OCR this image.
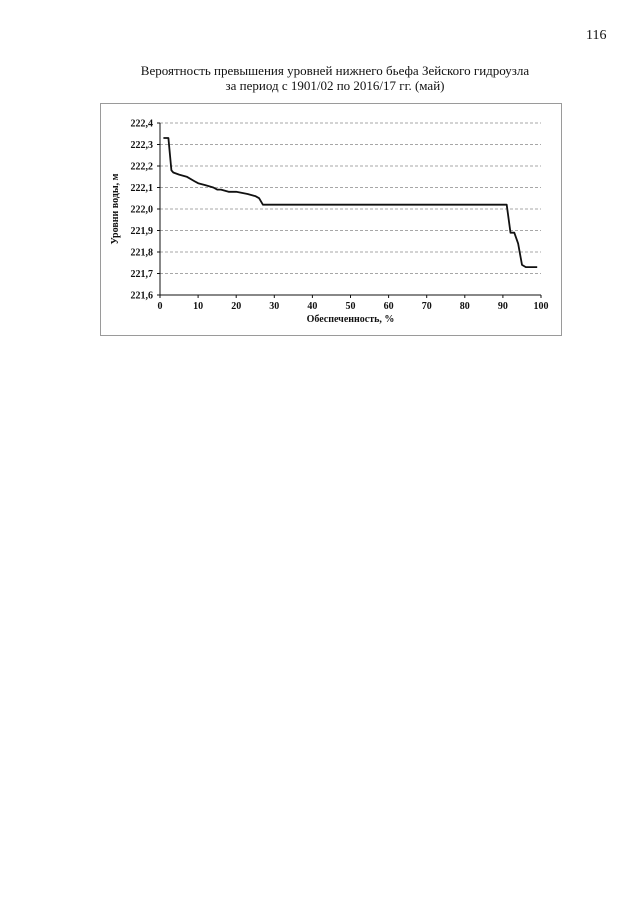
116
Вероятность превышения уровней нижнего бьефа Зейского гидроузла
за период с 1901/02 по 2016/17 гг. (май)
222,4
222,3
222,2
222,1
222,0
221,9
221,8
221,7
221,6
0	10	20	30	40	50	60	70	80	90	100
Обеспеченность, %
Уровни воды, м
